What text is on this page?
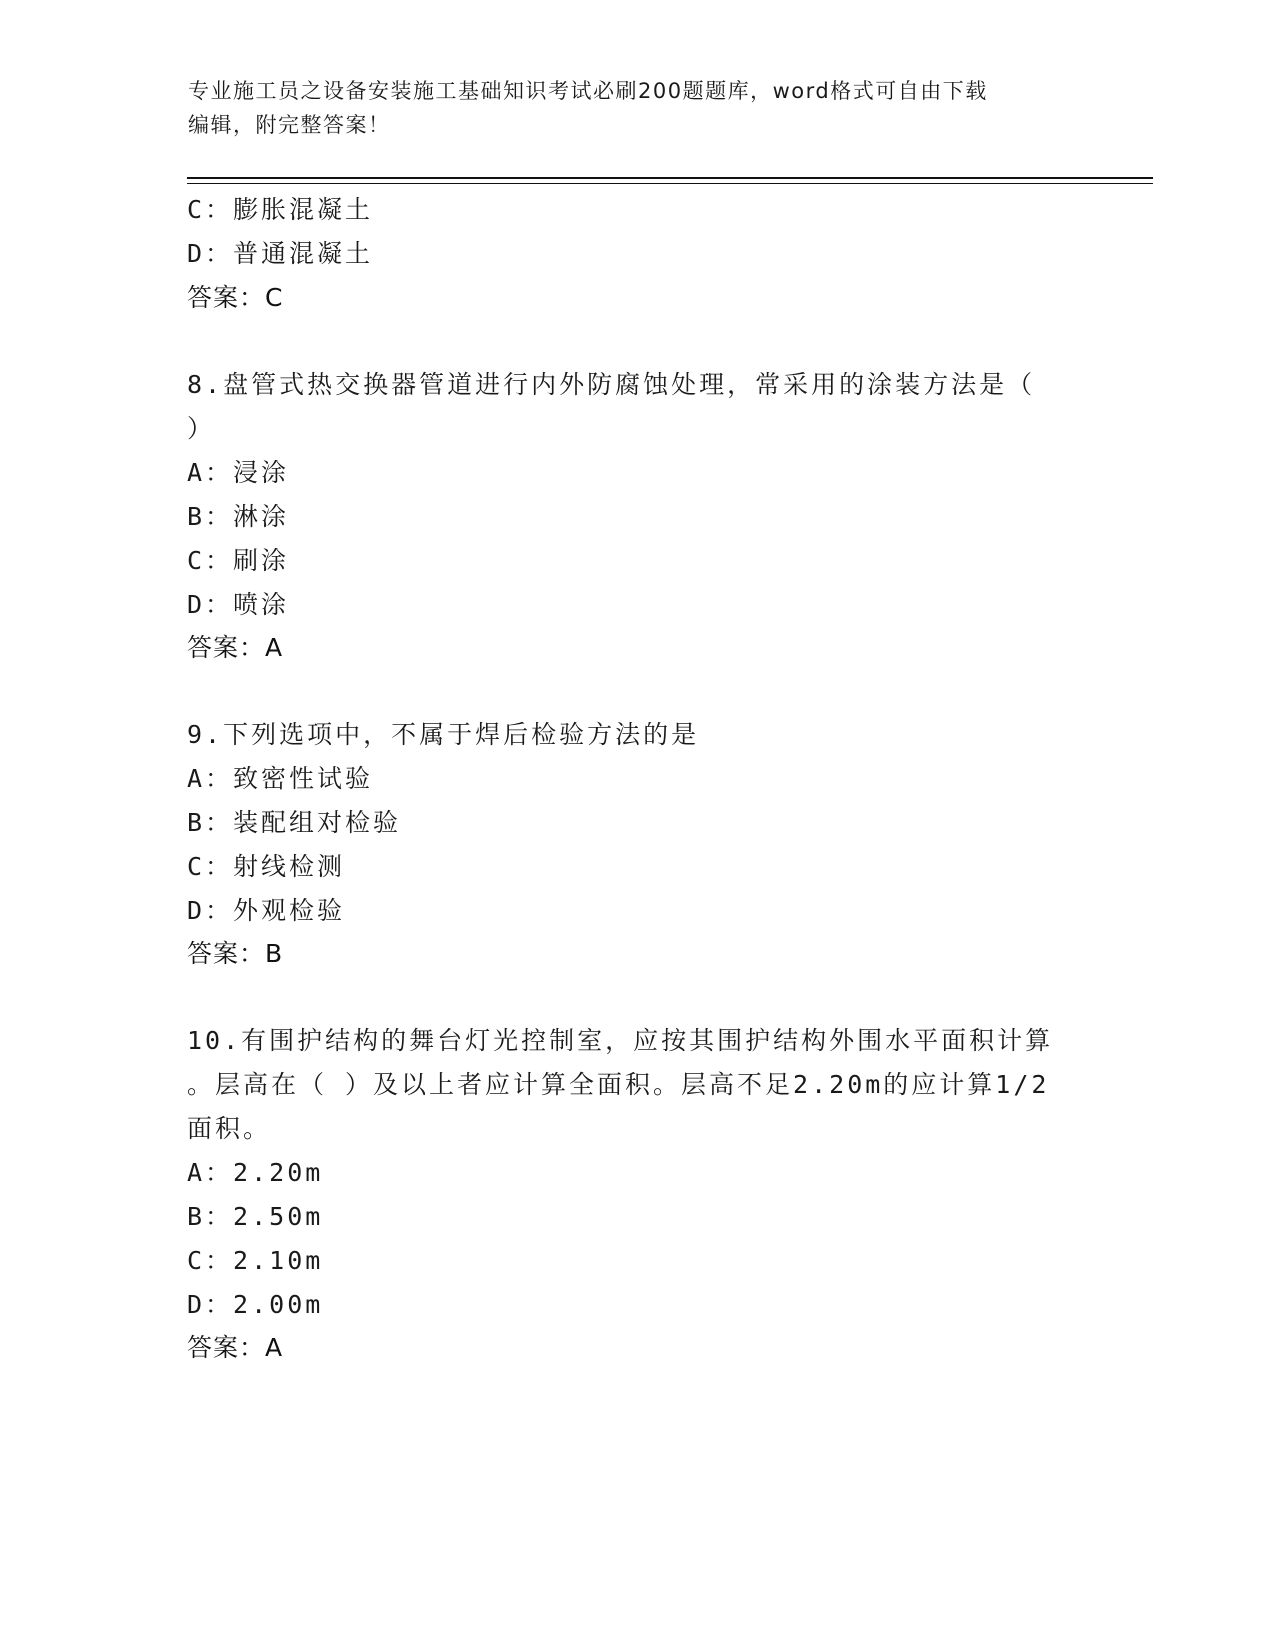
专业施工员之设备安装施工基础知识考试必刷200题题库，word格式可自由下载
编辑，附完整答案！
C：膨胀混凝土
D：普通混凝土
答案：C
8.盘管式热交换器管道进行内外防腐蚀处理，常采用的涂装方法是（
）
A：浸涂
B：淋涂
C：刷涂
D：喷涂
答案：A
9.下列选项中，不属于焊后检验方法的是
A：致密性试验
B：装配组对检验
C：射线检测
D：外观检验
答案：B
10.有围护结构的舞台灯光控制室，应按其围护结构外围水平面积计算
。层高在（ ）及以上者应计算全面积。层高不足2.20m的应计算1/2
面积。
A：2.20m
B：2.50m
C：2.10m
D：2.00m
答案：A
